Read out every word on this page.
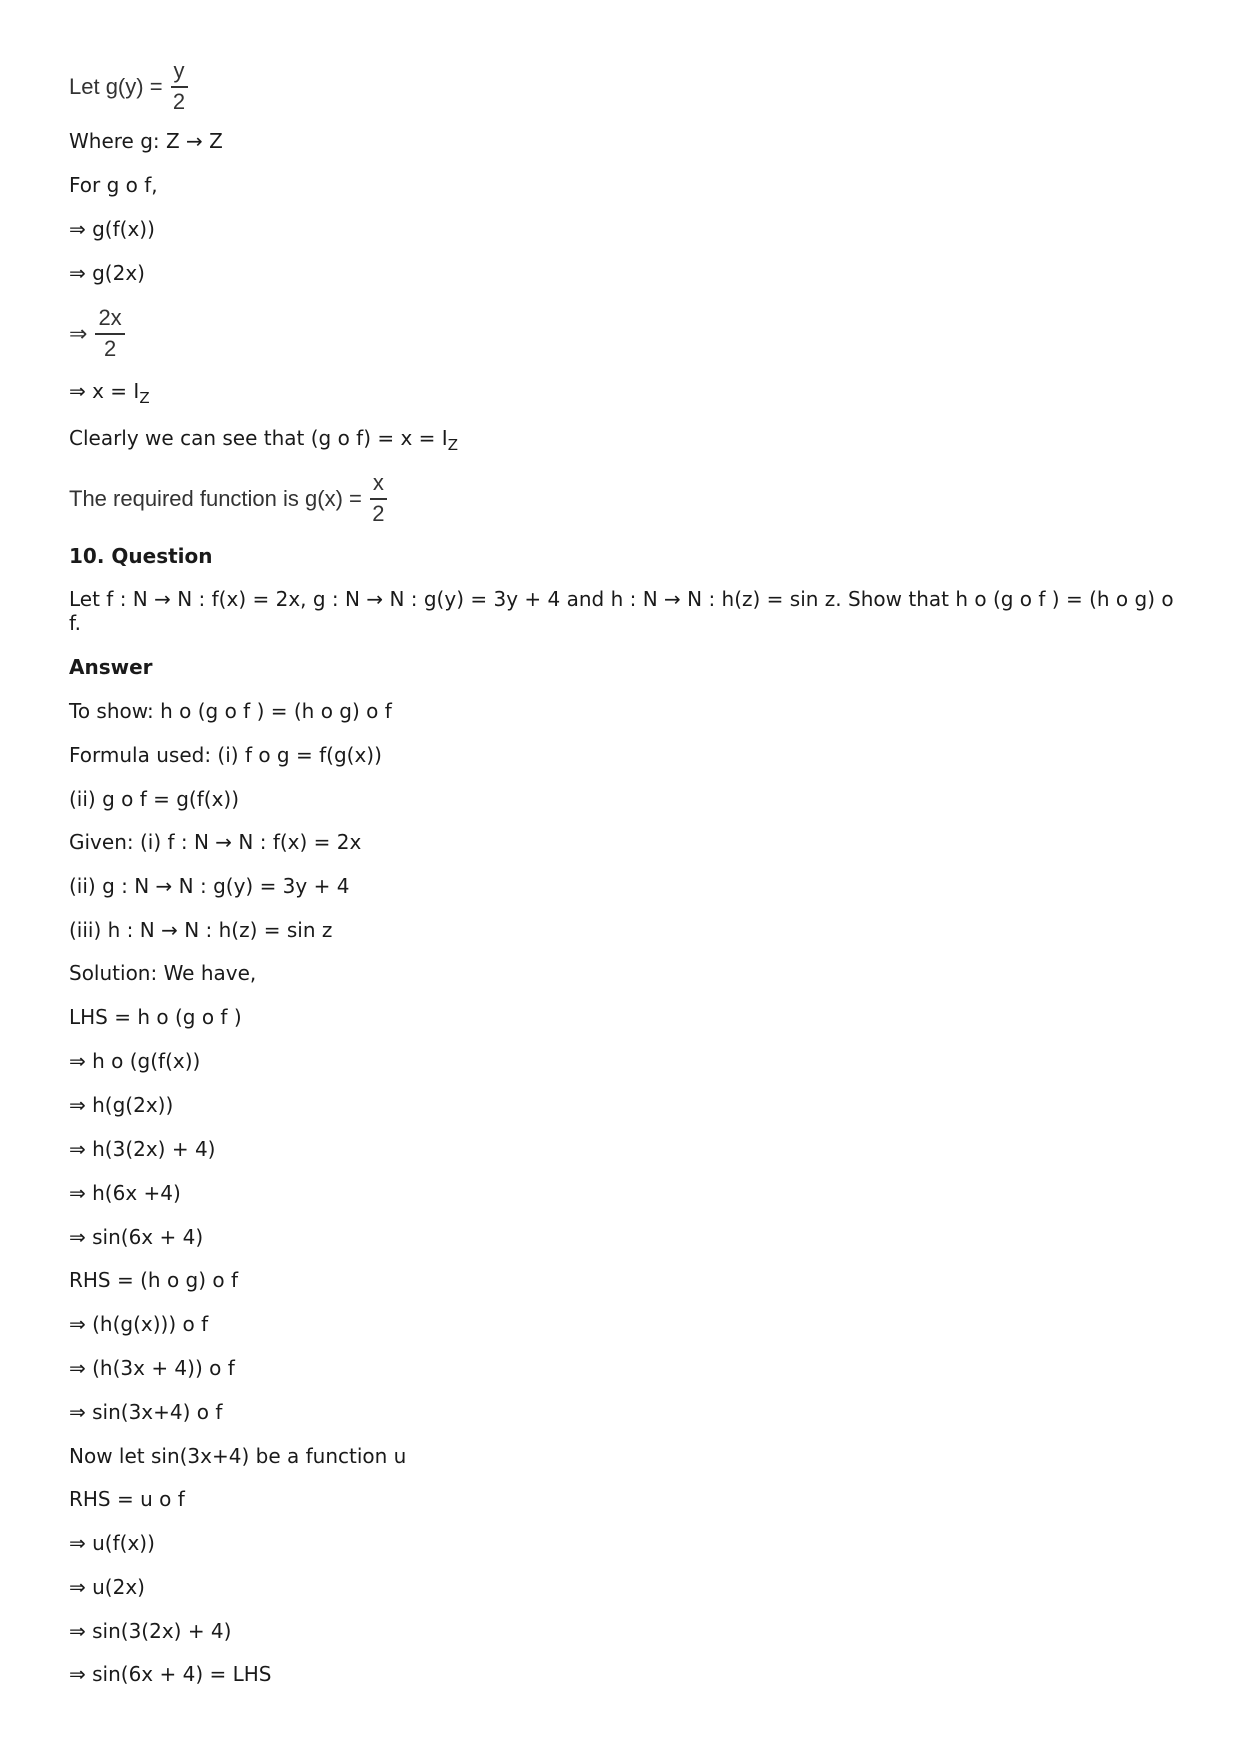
Let $g(y) = \frac{y}{2}$
Where g: Z → Z
For g o f,
⇒ g(f(x))
⇒ g(2x)
⇒ $\frac{2x}{2}$
⇒ $x = I_Z$
Clearly we can see that (g o $f) = x = I_Z$
The required function is $g(x) = \frac{x}{2}$
10. Question
Let f : N → N : f(x) = 2x, g : N → N : g(y) = 3y + 4 and h : N → N : h(z) = sin z. Show that h o (g o f ) = (h o g) o f.
Answer
To show: h o (g o f ) = (h o g) o f
Formula used: (i) f o g = f(g(x))
(ii) g o f = g(f(x))
Given: (i) f : N → N : f(x) = 2x
(ii) g : N → N : g(y) = 3y + 4
(iii) h : N → N : h(z) = sin z
Solution: We have,
LHS = h o (g o f )
⇒ h o (g(f(x))
⇒ h(g(2x))
⇒ h(3(2x) + 4)
⇒ h(6x +4)
⇒ sin(6x + 4)
RHS = (h o g) o f
⇒ (h(g(x))) o f
⇒ (h(3x + 4)) o f
⇒ sin(3x+4) o f
Now let sin(3x+4) be a function u
RHS = u o f
⇒ u(f(x))
⇒ u(2x)
⇒ sin(3(2x) + 4)
⇒ sin(6x + 4) = LHS
